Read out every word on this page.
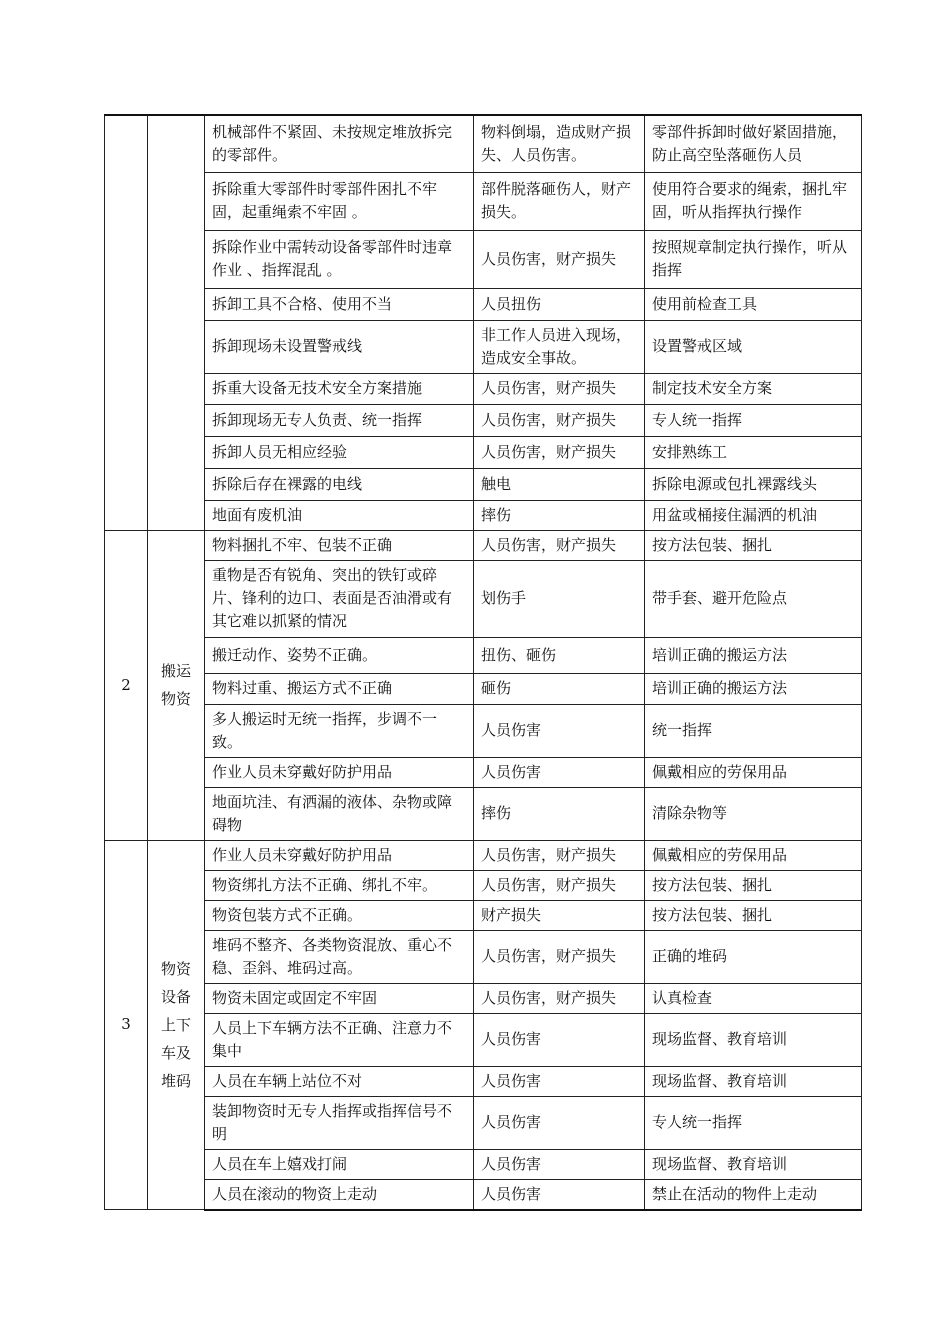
		机械部件不紧固、未按规定堆放拆完的零部件。	物料倒塌，造成财产损失、人员伤害。	零部件拆卸时做好紧固措施，防止高空坠落砸伤人员
		拆除重大零部件时零部件困扎不牢固，起重绳索不牢固 。	部件脱落砸伤人，财产损失。	使用符合要求的绳索，捆扎牢固，听从指挥执行操作
		拆除作业中需转动设备零部件时违章作业 、指挥混乱 。	人员伤害，财产损失	按照规章制定执行操作，听从指挥
		拆卸工具不合格、使用不当	人员扭伤	使用前检查工具
		拆卸现场未设置警戒线	非工作人员进入现场，造成安全事故。	设置警戒区域
		拆重大设备无技术安全方案措施	人员伤害，财产损失	制定技术安全方案
		拆卸现场无专人负责、统一指挥	人员伤害，财产损失	专人统一指挥
		拆卸人员无相应经验	人员伤害，财产损失	安排熟练工
		拆除后存在裸露的电线	触电	拆除电源或包扎裸露线头
		地面有废机油	摔伤	用盆或桶接住漏洒的机油
2	搬运物资	物料捆扎不牢、包装不正确	人员伤害，财产损失	按方法包装、捆扎
		重物是否有锐角、突出的铁钉或碎片、锋利的边口、表面是否油滑或有其它难以抓紧的情况	划伤手	带手套、避开危险点
		搬迁动作、姿势不正确。	扭伤、砸伤	培训正确的搬运方法
		物料过重、搬运方式不正确	砸伤	培训正确的搬运方法
		多人搬运时无统一指挥，步调不一致。	人员伤害	统一指挥
		作业人员未穿戴好防护用品	人员伤害	佩戴相应的劳保用品
		地面坑洼、有洒漏的液体、杂物或障碍物	摔伤	清除杂物等
3	物资设备上下车及堆码	作业人员未穿戴好防护用品	人员伤害，财产损失	佩戴相应的劳保用品
		物资绑扎方法不正确、绑扎不牢。	人员伤害，财产损失	按方法包装、捆扎
		物资包装方式不正确。	财产损失	按方法包装、捆扎
		堆码不整齐、各类物资混放、重心不稳、歪斜、堆码过高。	人员伤害，财产损失	正确的堆码
		物资未固定或固定不牢固	人员伤害，财产损失	认真检查
		人员上下车辆方法不正确、注意力不集中	人员伤害	现场监督、教育培训
		人员在车辆上站位不对	人员伤害	现场监督、教育培训
		装卸物资时无专人指挥或指挥信号不明	人员伤害	专人统一指挥
		人员在车上嬉戏打闹	人员伤害	现场监督、教育培训
		人员在滚动的物资上走动	人员伤害	禁止在活动的物件上走动
